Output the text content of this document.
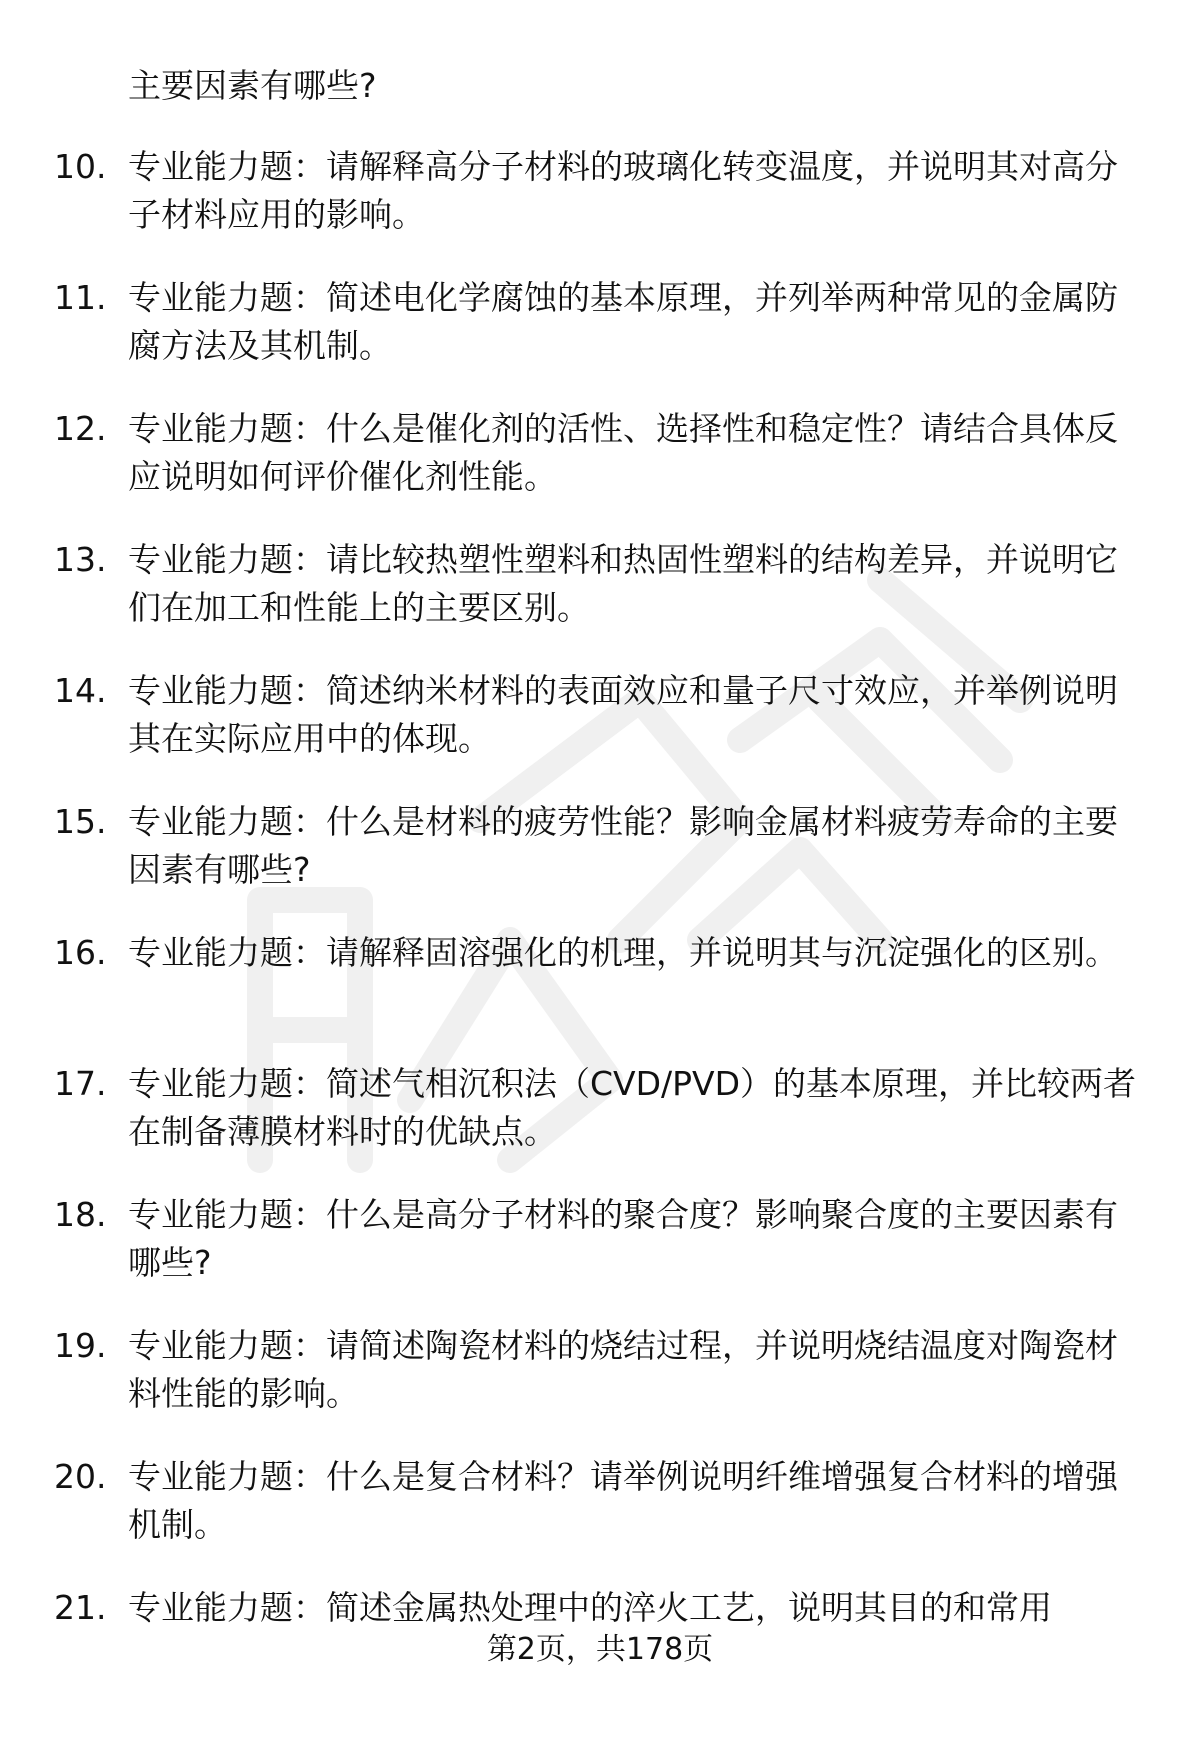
主要因素有哪些?
10. 专业能力题：请解释高分子材料的玻璃化转变温度，并说明其对高分子材料应用的影响。
11. 专业能力题：简述电化学腐蚀的基本原理，并列举两种常见的金属防腐方法及其机制。
12. 专业能力题：什么是催化剂的活性、选择性和稳定性？请结合具体反应说明如何评价催化剂性能。
13. 专业能力题：请比较热塑性塑料和热固性塑料的结构差异，并说明它们在加工和性能上的主要区别。
14. 专业能力题：简述纳米材料的表面效应和量子尺寸效应，并举例说明其在实际应用中的体现。
15. 专业能力题：什么是材料的疲劳性能？影响金属材料疲劳寿命的主要因素有哪些?
16. 专业能力题：请解释固溶强化的机理，并说明其与沉淀强化的区别。
17. 专业能力题：简述气相沉积法（CVD/PVD）的基本原理，并比较两者在制备薄膜材料时的优缺点。
18. 专业能力题：什么是高分子材料的聚合度？影响聚合度的主要因素有哪些?
19. 专业能力题：请简述陶瓷材料的烧结过程，并说明烧结温度对陶瓷材料性能的影响。
20. 专业能力题：什么是复合材料？请举例说明纤维增强复合材料的增强机制。
21. 专业能力题：简述金属热处理中的淬火工艺，说明其目的和常用
第2页，共178页
